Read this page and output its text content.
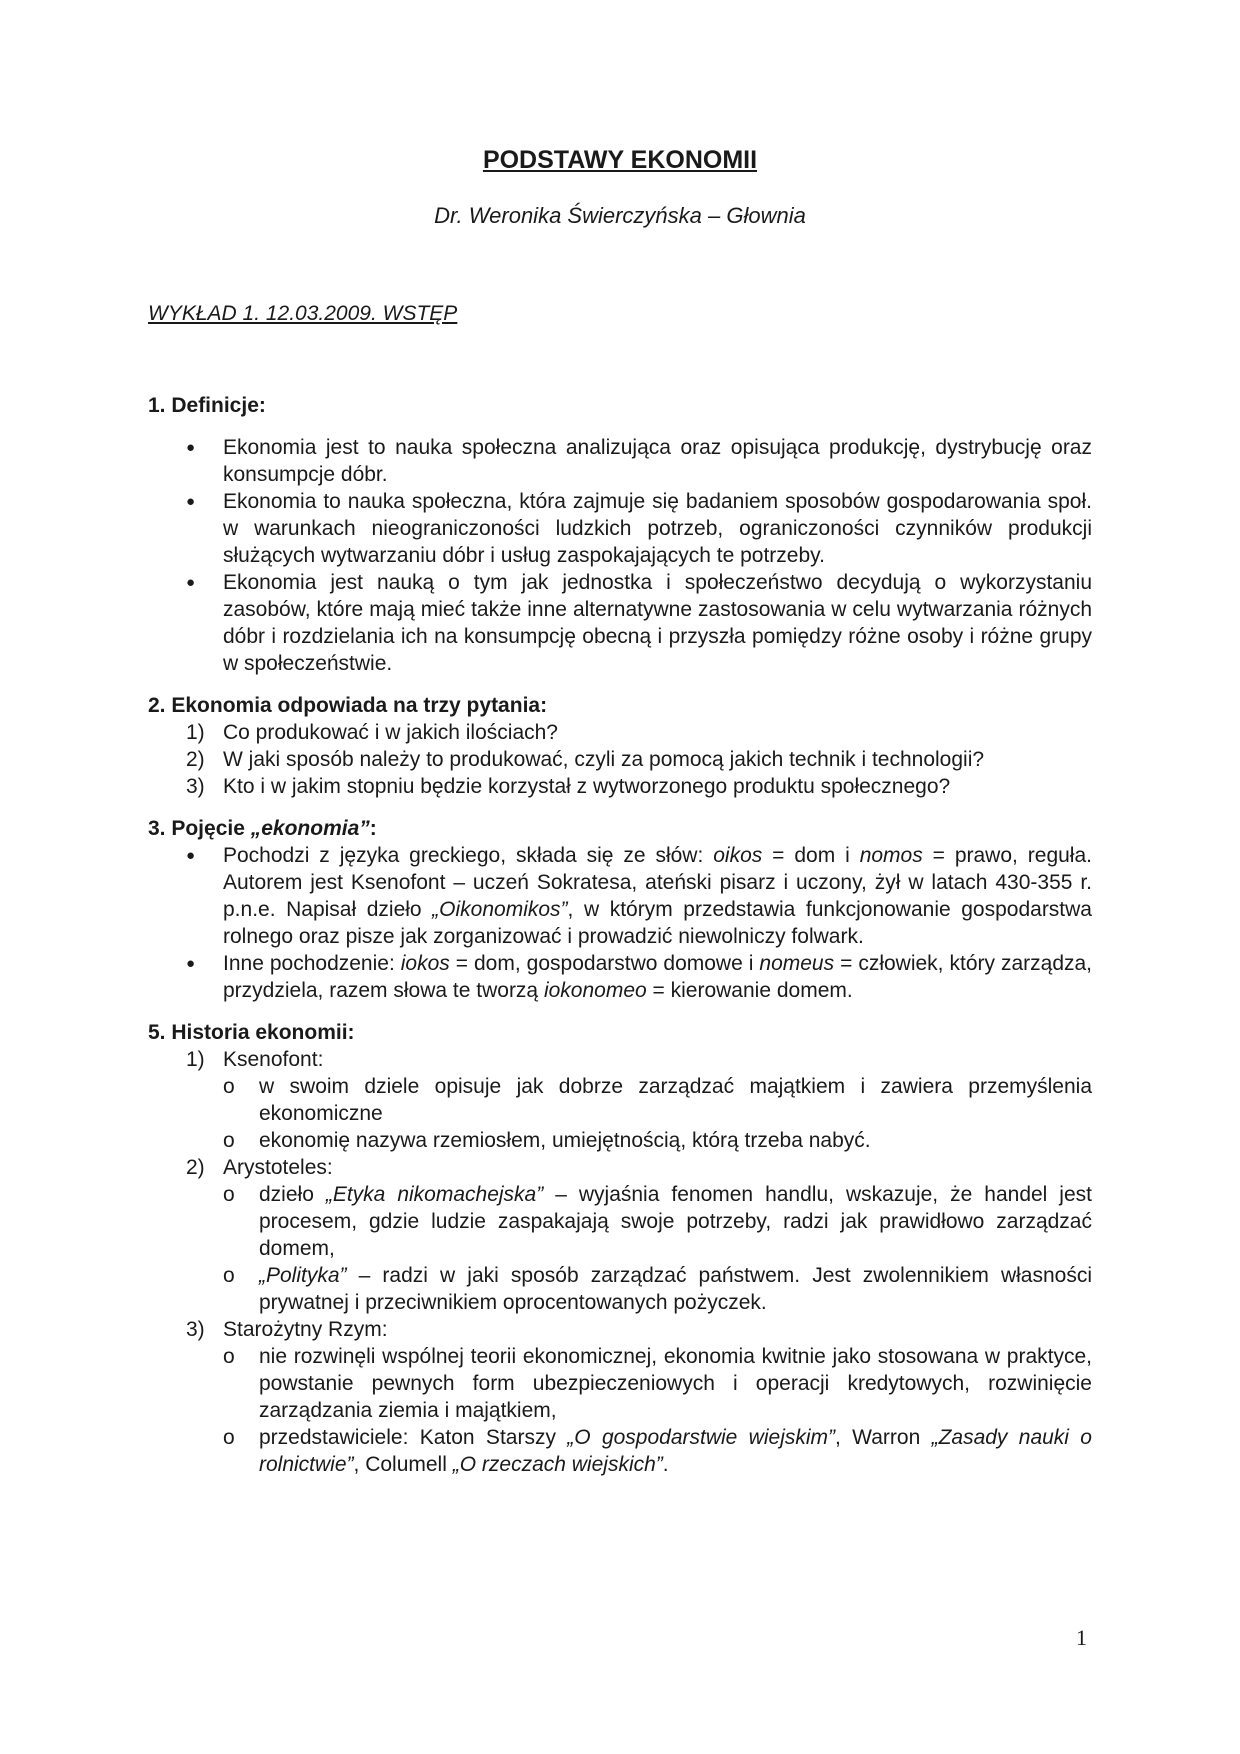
PODSTAWY EKONOMII
Dr. Weronika Świerczyńska – Głownia
WYKŁAD 1. 12.03.2009. WSTĘP
1. Definicje:
● Ekonomia jest to nauka społeczna analizująca oraz opisująca produkcję, dystrybucję oraz konsumpcje dóbr.
● Ekonomia to nauka społeczna, która zajmuje się badaniem sposobów gospodarowania społ. w warunkach nieograniczoności ludzkich potrzeb, ograniczoności czynników produkcji służących wytwarzaniu dóbr i usług zaspokajających te potrzeby.
● Ekonomia jest nauką o tym jak jednostka i społeczeństwo decydują o wykorzystaniu zasobów, które mają mieć także inne alternatywne zastosowania w celu wytwarzania różnych dóbr i rozdzielania ich na konsumpcję obecną i przyszła pomiędzy różne osoby i różne grupy w społeczeństwie.
2. Ekonomia odpowiada na trzy pytania:
1) Co produkować i w jakich ilościach?
2) W jaki sposób należy to produkować, czyli za pomocą jakich technik i technologii?
3) Kto i w jakim stopniu będzie korzystał z wytworzonego produktu społecznego?
3. Pojęcie „ekonomia”:
● Pochodzi z języka greckiego, składa się ze słów: oikos = dom i nomos = prawo, reguła. Autorem jest Ksenofont – uczeń Sokratesa, ateński pisarz i uczony, żył w latach 430-355 r. p.n.e. Napisał dzieło „Oikonomikos”, w którym przedstawia funkcjonowanie gospodarstwa rolnego oraz pisze jak zorganizować i prowadzić niewolniczy folwark.
● Inne pochodzenie: iokos = dom, gospodarstwo domowe i nomeus = człowiek, który zarządza, przydziela, razem słowa te tworzą iokonomeo = kierowanie domem.
5. Historia ekonomii:
1) Ksenofont:
o w swoim dziele opisuje jak dobrze zarządzać majątkiem i zawiera przemyślenia ekonomiczne
o ekonomię nazywa rzemiosłem, umiejętnością, którą trzeba nabyć.
2) Arystoteles:
o dzieło „Etyka nikomachejska” – wyjaśnia fenomen handlu, wskazuje, że handel jest procesem, gdzie ludzie zaspakajają swoje potrzeby, radzi jak prawidłowo zarządzać domem,
o „Polityka” – radzi w jaki sposób zarządzać państwem. Jest zwolennikiem własności prywatnej i przeciwnikiem oprocentowanych pożyczek.
3) Starożytny Rzym:
o nie rozwinęli wspólnej teorii ekonomicznej, ekonomia kwitnie jako stosowana w praktyce, powstanie pewnych form ubezpieczeniowych i operacji kredytowych, rozwinięcie zarządzania ziemia i majątkiem,
o przedstawiciele: Katon Starszy „O gospodarstwie wiejskim”, Warron „Zasady nauki o rolnictwie”, Columell „O rzeczach wiejskich”.
1
